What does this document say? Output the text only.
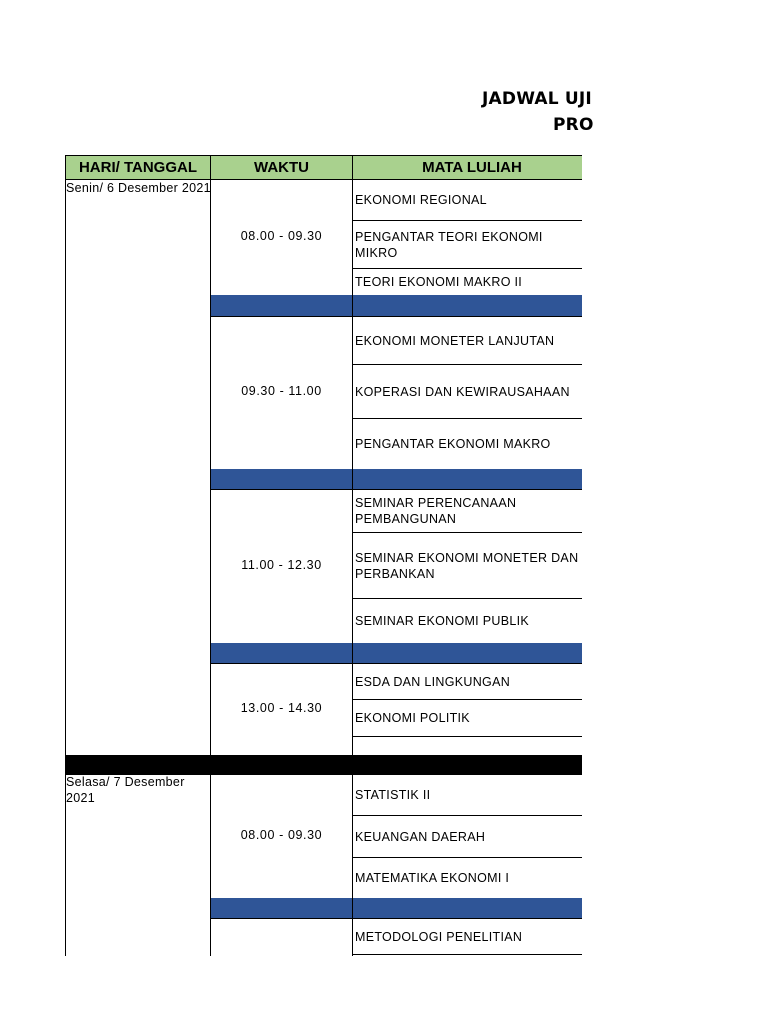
JADWAL UJI
PRO
HARI/ TANGGAL	WAKTU	MATA LULIAH
Senin/ 6 Desember 2021
Selasa/ 7 Desember 2021
08.00 - 09.30
09.30 - 11.00
11.00 - 12.30
13.00 - 14.30
08.00 - 09.30
EKONOMI REGIONAL
PENGANTAR TEORI EKONOMI MIKRO
TEORI EKONOMI MAKRO II
EKONOMI MONETER LANJUTAN
KOPERASI DAN KEWIRAUSAHAAN
PENGANTAR EKONOMI MAKRO
SEMINAR PERENCANAAN PEMBANGUNAN
SEMINAR EKONOMI MONETER DAN PERBANKAN
SEMINAR EKONOMI PUBLIK
ESDA DAN LINGKUNGAN
EKONOMI POLITIK
STATISTIK II
KEUANGAN DAERAH
MATEMATIKA EKONOMI I
METODOLOGI PENELITIAN
